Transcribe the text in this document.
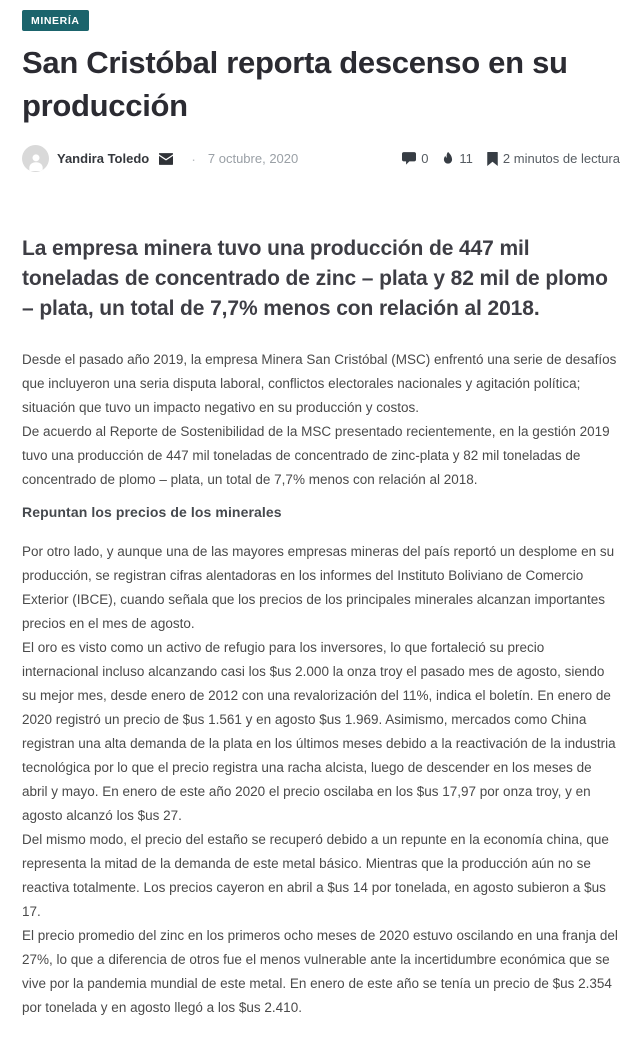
MINERÍA
San Cristóbal reporta descenso en su producción
Yandira Toledo	· 7 octubre, 2020	0 11 2 minutos de lectura
La empresa minera tuvo una producción de 447 mil toneladas de concentrado de zinc – plata y 82 mil de plomo – plata, un total de 7,7% menos con relación al 2018.

Desde el pasado año 2019, la empresa Minera San Cristóbal (MSC) enfrentó una serie de desafíos que incluyeron una seria disputa laboral, conflictos electorales nacionales y agitación política; situación que tuvo un impacto negativo en su producción y costos.

De acuerdo al Reporte de Sostenibilidad de la MSC presentado recientemente, en la gestión 2019 tuvo una producción de 447 mil toneladas de concentrado de zinc-plata y 82 mil toneladas de concentrado de plomo – plata, un total de 7,7% menos con relación al 2018.

Repuntan los precios de los minerales

Por otro lado, y aunque una de las mayores empresas mineras del país reportó un desplome en su producción, se registran cifras alentadoras en los informes del Instituto Boliviano de Comercio Exterior (IBCE), cuando señala que los precios de los principales minerales alcanzan importantes precios en el mes de agosto.

El oro es visto como un activo de refugio para los inversores, lo que fortaleció su precio internacional incluso alcanzando casi los $us 2.000 la onza troy el pasado mes de agosto, siendo su mejor mes, desde enero de 2012 con una revalorización del 11%, indica el boletín. En enero de 2020 registró un precio de $us 1.561 y en agosto $us 1.969. Asimismo, mercados como China registran una alta demanda de la plata en los últimos meses debido a la reactivación de la industria tecnológica por lo que el precio registra una racha alcista, luego de descender en los meses de abril y mayo. En enero de este año 2020 el precio oscilaba en los $us 17,97 por onza troy, y en agosto alcanzó los $us 27.

Del mismo modo, el precio del estaño se recuperó debido a un repunte en la economía china, que representa la mitad de la demanda de este metal básico. Mientras que la producción aún no se reactiva totalmente. Los precios cayeron en abril a $us 14 por tonelada, en agosto subieron a $us 17.

El precio promedio del zinc en los primeros ocho meses de 2020 estuvo oscilando en una franja del 27%, lo que a diferencia de otros fue el menos vulnerable ante la incertidumbre económica que se vive por la pandemia mundial de este metal. En enero de este año se tenía un precio de $us 2.354 por tonelada y en agosto llegó a los $us 2.410.
